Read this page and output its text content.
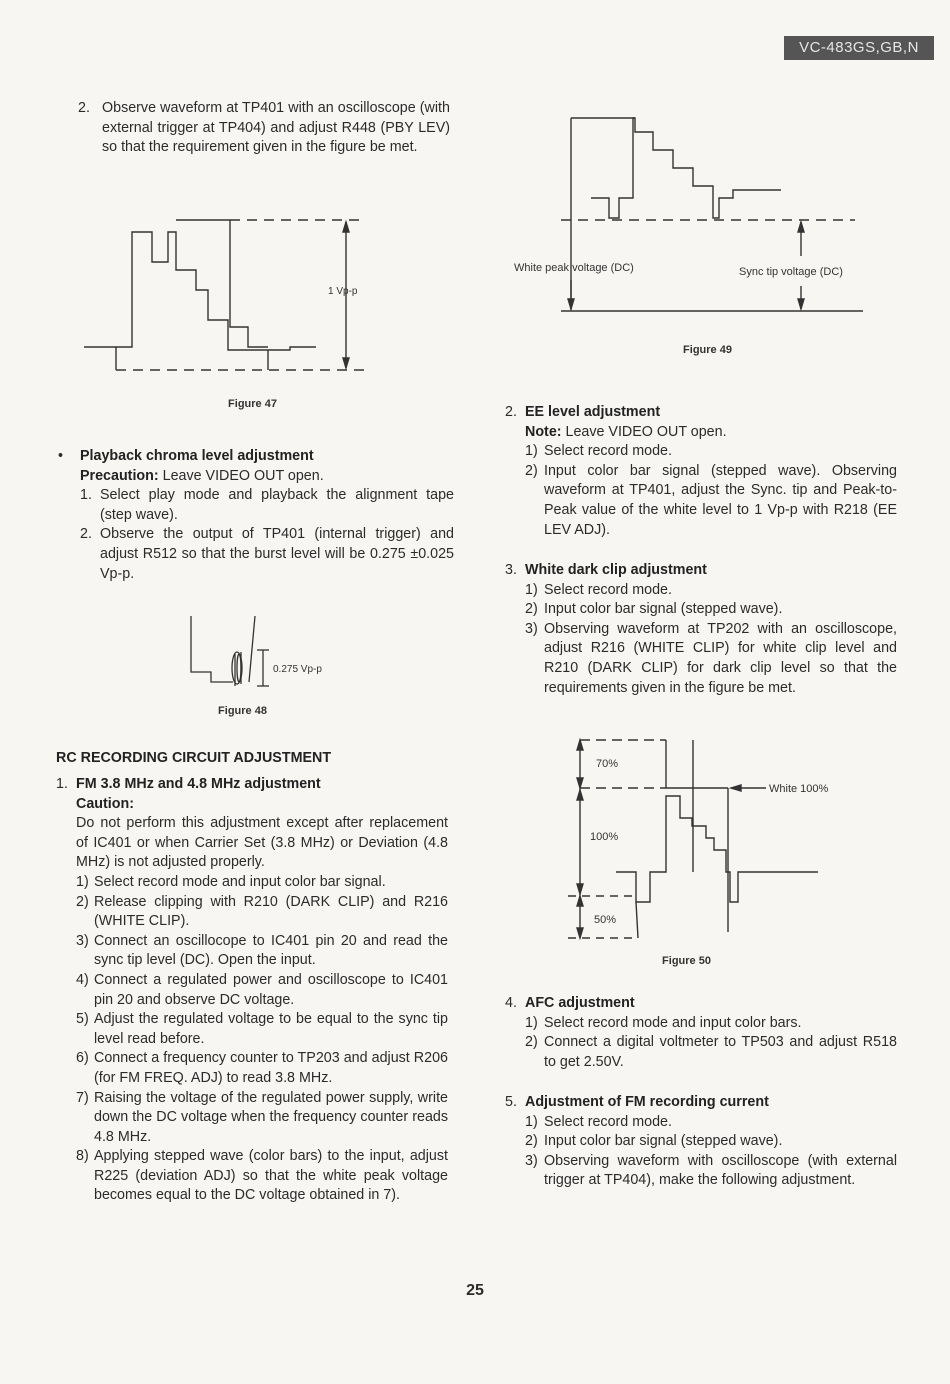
VC-483GS,GB,N
2. Observe waveform at TP401 with an oscilloscope (with external trigger at TP404) and adjust R448 (PBY LEV) so that the requirement given in the figure be met.
1 Vp-p
Figure 47
•	Playback chroma level adjustment
Precaution: Leave VIDEO OUT open.
1. Select play mode and playback the alignment tape (step wave).
2. Observe the output of TP401 (internal trigger) and adjust R512 so that the burst level will be 0.275 ±0.025 Vp-p.
0.275 Vp-p
Figure 48
RC RECORDING CIRCUIT ADJUSTMENT
1. FM 3.8 MHz and 4.8 MHz adjustment
Caution:
Do not perform this adjustment except after replacement of IC401 or when Carrier Set (3.8 MHz) or Deviation (4.8 MHz) is not adjusted properly.
1) Select record mode and input color bar signal.
2) Release clipping with R210 (DARK CLIP) and R216 (WHITE CLIP).
3) Connect an oscillocope to IC401 pin 20 and read the sync tip level (DC). Open the input.
4) Connect a regulated power and oscilloscope to IC401 pin 20 and observe DC voltage.
5) Adjust the regulated voltage to be equal to the sync tip level read before.
6) Connect a frequency counter to TP203 and adjust R206 (for FM FREQ. ADJ) to read 3.8 MHz.
7) Raising the voltage of the regulated power supply, write down the DC voltage when the frequency counter reads 4.8 MHz.
8) Applying stepped wave (color bars) to the input, adjust R225 (deviation ADJ) so that the white peak voltage becomes equal to the DC voltage obtained in 7).
White peak voltage (DC)	Sync tip voltage (DC)
Figure 49
2. EE level adjustment
Note: Leave VIDEO OUT open.
1) Select record mode.
2) Input color bar signal (stepped wave). Observing waveform at TP401, adjust the Sync. tip and Peak-to-Peak value of the white level to 1 Vp-p with R218 (EE LEV ADJ).
3. White dark clip adjustment
1) Select record mode.
2) Input color bar signal (stepped wave).
3) Observing waveform at TP202 with an oscilloscope, adjust R216 (WHITE CLIP) for white clip level and R210 (DARK CLIP) for dark clip level so that the requirements given in the figure be met.
70%
100%
50%
White 100%
Figure 50
4. AFC adjustment
1) Select record mode and input color bars.
2) Connect a digital voltmeter to TP503 and adjust R518 to get 2.50V.
5. Adjustment of FM recording current
1) Select record mode.
2) Input color bar signal (stepped wave).
3) Observing waveform with oscilloscope (with external trigger at TP404), make the following adjustment.
25
